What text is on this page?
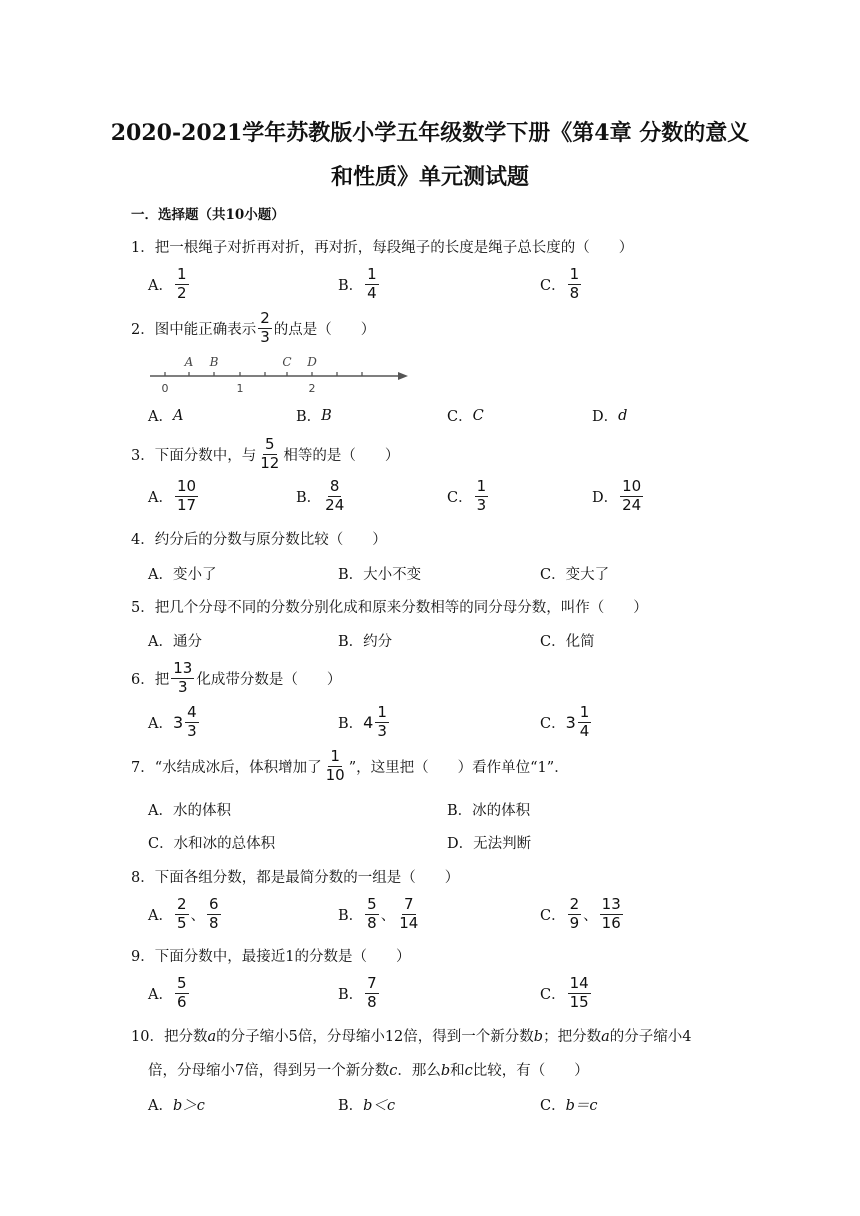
2020-2021学年苏教版小学五年级数学下册《第4章 分数的意义
和性质》单元测试题
一．选择题（共10小题）
1．把一根绳子对折再对折，再对折，每段绳子的长度是绳子总长度的（　　）
A． $\frac{1}{2}$	B． $\frac{1}{4}$	C． $\frac{1}{8}$
2．图中能正确表示 $\frac{2}{3}$ 的点是（　　）
A B	C D
0	1	2
A． A	B． B	C． C	D． d
3．下面分数中，与 $\frac{5}{12}$ 相等的是（　　）
A． $\frac{10}{17}$	B． $\frac{8}{24}$	C． $\frac{1}{3}$	D． $\frac{10}{24}$
4．约分后的分数与原分数比较（　　）
A． 变小了	B． 大小不变	C． 变大了
5．把几个分母不同的分数分别化成和原来分数相等的同分母分数，叫作（　　）
A． 通分	B． 约分	C． 化简
6．把 $\frac{13}{3}$ 化成带分数是（　　）
A． $3 \frac{4}{3}$	B． $4 \frac{1}{3}$	C． $3 \frac{1}{4}$
7．“水结成冰后，体积增加了 $\frac{1}{10}$ ”，这里把（　　）看作单位“1”．
A． 水的体积	B． 冰的体积
C． 水和冰的总体积	D． 无法判断
8．下面各组分数，都是最简分数的一组是（　　）
A． $\frac{2}{5}$ 、 $\frac{6}{8}$	B． $\frac{5}{8}$ 、 $\frac{7}{14}$	C． $\frac{2}{9}$ 、 $\frac{13}{16}$
9．下面分数中，最接近1的分数是（　　）
A． $\frac{5}{6}$	B． $\frac{7}{8}$	C． $\frac{14}{15}$
10．把分数a的分子缩小5倍，分母缩小12倍，得到一个新分数b；把分数a的分子缩小4
倍，分母缩小7倍，得到另一个新分数c．那么b和c比较，有（　　）
A． b＞c	B． b＜c	C． b＝c
